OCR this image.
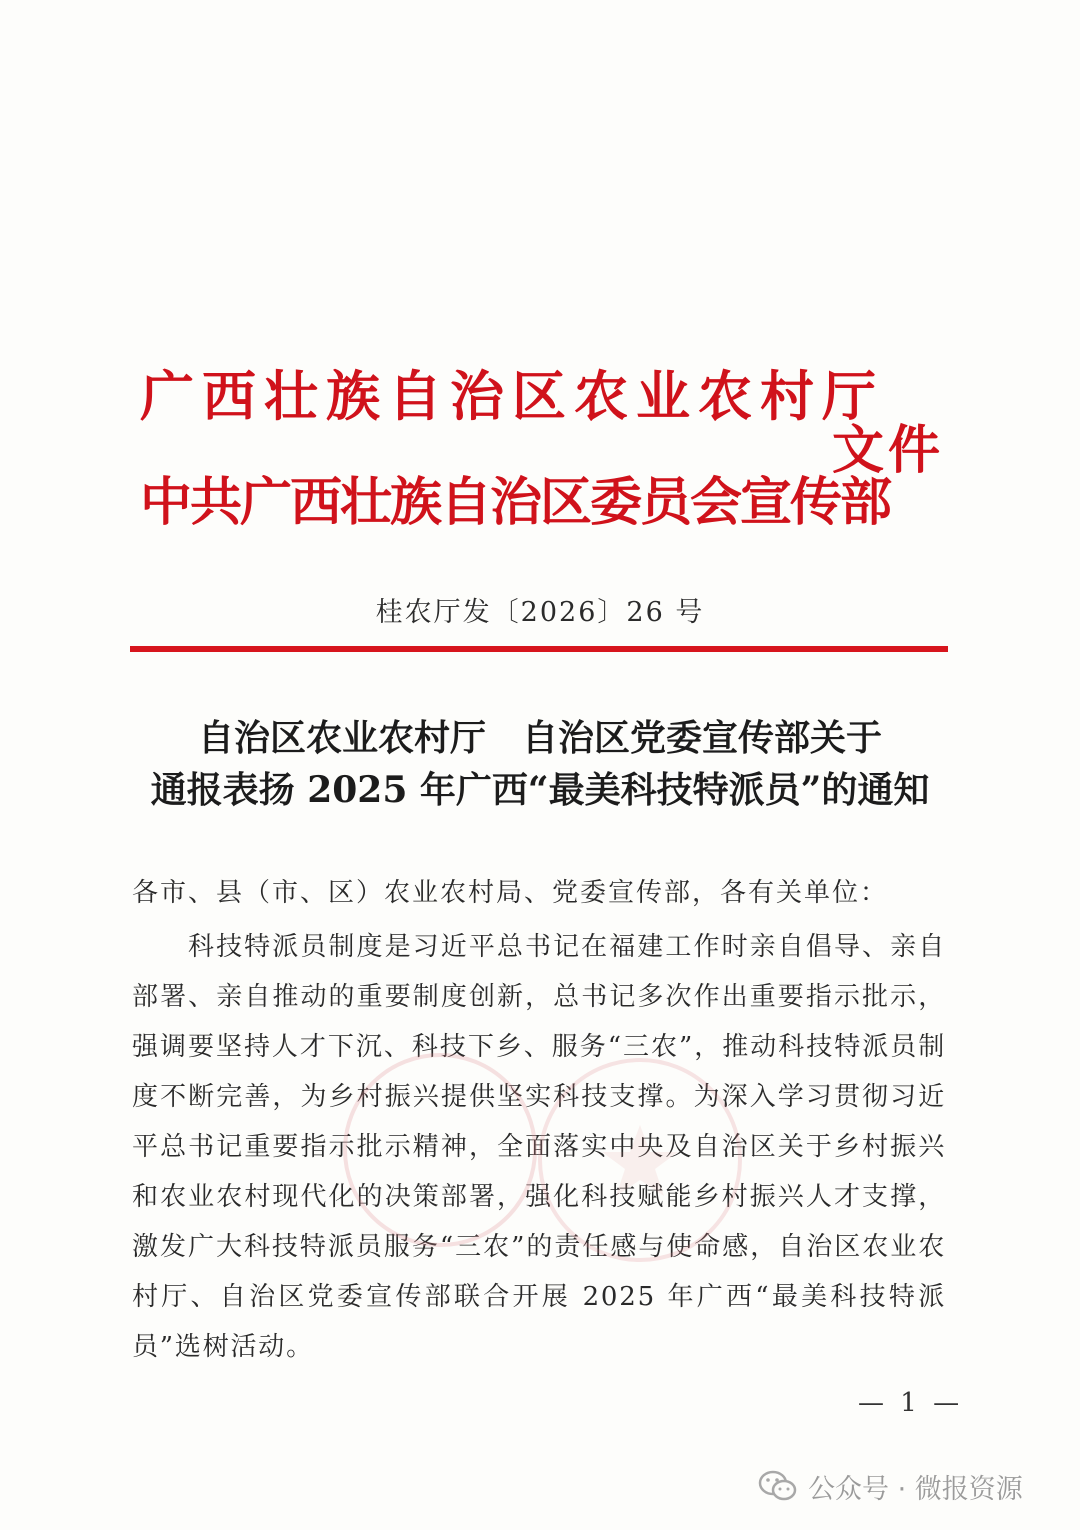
广西壮族自治区农业农村厅
中共广西壮族自治区委员会宣传部
文件
桂农厅发〔2026〕26 号
自治区农业农村厅　自治区党委宣传部关于
通报表扬 2025 年广西“最美科技特派员”的通知
各市、县（市、区）农业农村局、党委宣传部，各有关单位：
科技特派员制度是习近平总书记在福建工作时亲自倡导、亲自部署、亲自推动的重要制度创新，总书记多次作出重要指示批示，强调要坚持人才下沉、科技下乡、服务“三农”，推动科技特派员制度不断完善，为乡村振兴提供坚实科技支撑。为深入学习贯彻习近平总书记重要指示批示精神，全面落实中央及自治区关于乡村振兴和农业农村现代化的决策部署，强化科技赋能乡村振兴人才支撑，激发广大科技特派员服务“三农”的责任感与使命感，自治区农业农村厅、自治区党委宣传部联合开展 2025 年广西“最美科技特派员”选树活动。
— 1 —
公众号 · 微报资源
